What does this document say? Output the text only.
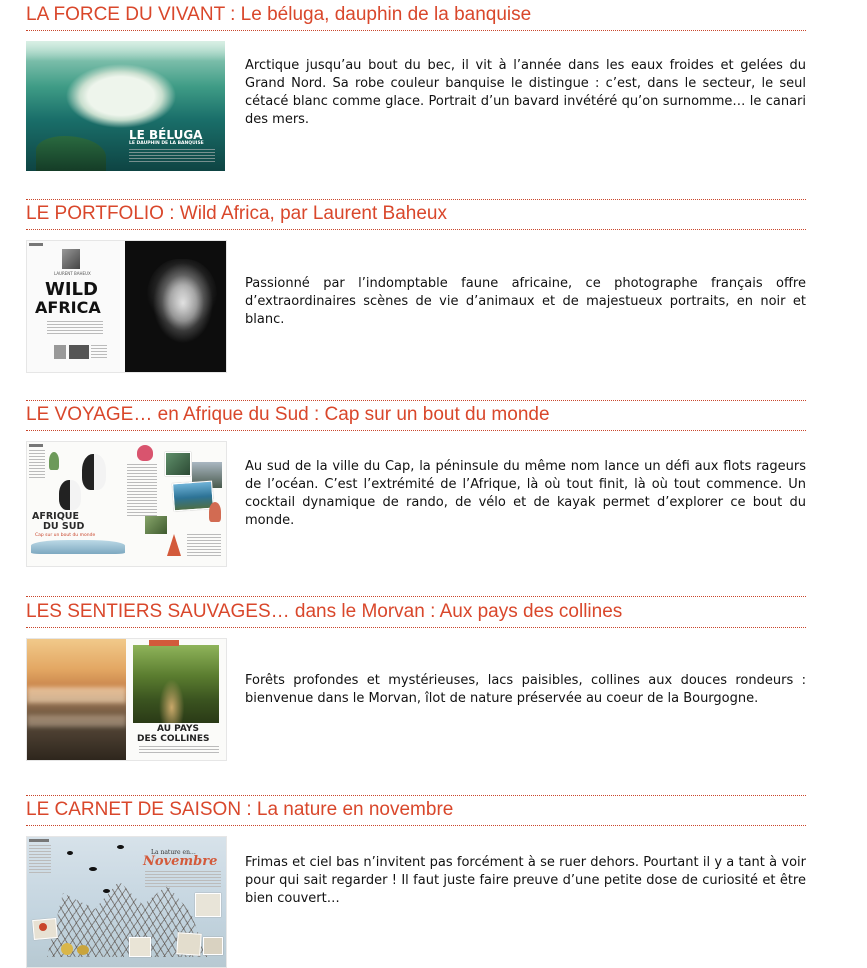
LA FORCE DU VIVANT : Le béluga, dauphin de la banquise
LE BÉLUGA
LE DAUPHIN DE LA BANQUISE
Arctique jusqu’au bout du bec, il vit à l’année dans les eaux froides et gelées du Grand Nord. Sa robe couleur banquise le distingue : c’est, dans le secteur, le seul cétacé blanc comme glace. Portrait d’un bavard invétéré qu’on surnomme… le canari des mers.
LE PORTFOLIO : Wild Africa, par Laurent Baheux
LAURENT BAHEUX
WILD
AFRICA
Passionné par l’indomptable faune africaine, ce photographe français offre d’extraordinaires scènes de vie d’animaux et de majestueux portraits, en noir et blanc.
LE VOYAGE… en Afrique du Sud : Cap sur un bout du monde
AFRIQUE
DU SUD
Cap sur un bout du monde
Au sud de la ville du Cap, la péninsule du même nom lance un défi aux flots rageurs de l’océan. C’est l’extrémité de l’Afrique, là où tout finit, là où tout commence. Un cocktail dynamique de rando, de vélo et de kayak permet d’explorer ce bout du monde.
LES SENTIERS SAUVAGES… dans le Morvan : Aux pays des collines
AU PAYS
DES COLLINES
Forêts profondes et mystérieuses, lacs paisibles, collines aux douces rondeurs : bienvenue dans le Morvan, îlot de nature préservée au coeur de la Bourgogne.
LE CARNET DE SAISON : La nature en novembre
La nature en…
Novembre Frimas et ciel bas n’invitent pas forcément à se ruer dehors. Pourtant il y a tant à voir pour qui sait regarder ! Il faut juste faire preuve d’une petite dose de curiosité et être bien couvert…
